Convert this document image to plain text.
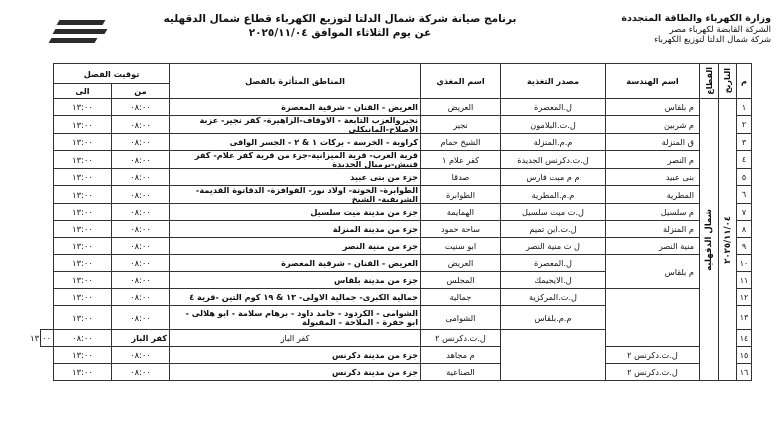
برنامج صيانة شركة شمال الدلتا لتوزيع الكهرباء قطاع شمال الدقهليه
عن يوم الثلاثاء الموافق ٢٠٢٥/١١/٠٤
وزارة الكهرباء والطاقة المتجددة
الشركة القابضة لكهرباء مصر
شركة شمال الدلتا لتوزيع الكهرباء
م	التاريخ	القطاع	اسم الهندسة	مصدر التغذية	اسم المغذي	المناطق المتأثرة بالفصل	توقيت الفصل		
							من	الى	
١	٢٠٢٥/١١/٠٤	شمال الدقهليه	م بلقاس	ل.المعصرة	العريض	العريض - القنان - شرقية المعصرة	٠٨:٠٠	١٣:٠٠	
٢			م شربين	ل.ت.البلامون	نجير	نجيروالعزب التابعة - الاوقاف-الزاهيرة- كفر نجير- عزبة الاصلاح-المانيكلى	٠٨:٠٠	١٣:٠٠	
٣			ق المنزلة	م.م.المنزلة	الشيخ حمام	كراوية - الخرسة - بركات ١ & ٢ - الجسر الواقى	٠٨:٠٠	١٣:٠٠	
٤			م النصر	ل.ت.دكرنس الجديدة	كفر علام ١	قرية العرب- قرية الميزانية-جزء من قرية كفر علام- كفر قنيش-برمبال الجديدة	٠٨:٠٠	١٣:٠٠	
٥			بنى عبيد	م م ميت فارس	صدقا	جزء من بنى عبيد	٠٨:٠٠	١٣:٠٠	
٦			المطرية	م.م.المطرية	الطوابرة	الطوابرة- الحوتة- اولاد نور- الفوافزة- الدقاتوة القديمة- الشريفية- الشيخ	٠٨:٠٠	١٣:٠٠	
٧			م سلسيل	ل.ت ميت سلسيل	الهمايمة	جزء من مدينة ميت سلسيل	٠٨:٠٠	١٣:٠٠	
٨			م المنزلة	ل.ت.ابن تميم	ساحة حمود	جزء من مدينة المنزلة	٠٨:٠٠	١٣:٠٠	
٩			منية النصر	ل ت منية النصر	ابو سنيت	جزء من منية النصر	٠٨:٠٠	١٣:٠٠	
١٠			م بلقاس	ل.المعصرة	العريض	العريض - القنان - شرقية المعصرة	٠٨:٠٠	١٣:٠٠	
١١				ل.الايجيمك	المجلس	جزء من مدينة بلقاس	٠٨:٠٠	١٣:٠٠	
١٢				ل.ت.المركزية	جمالية	جمالية الكبرى- جمالية الاولى- ١٣ & ١٩ كوم التين -قرية ٤	٠٨:٠٠	١٣:٠٠	
١٣				م.م.بلقاس	الشوامى	الشوامى - الكردود - حامد داود - برهام سلامة - ابو هلالى - ابو حفرة - الملاحة - المقبولة	٠٨:٠٠	١٣:٠٠	
١٤					ل.ت.دكرنس ٢	كفر الباز	كفر الباز	٠٨:٠٠	١٣:٠٠
١٥			ل.ت.دكرنس ٢		م مجاهد	جزء من مدينة دكرنس	٠٨:٠٠	١٣:٠٠	
١٦			ل.ت.دكرنس ٢		الصناعية	جزء من مدينة دكرنس	٠٨:٠٠	١٣:٠٠	
